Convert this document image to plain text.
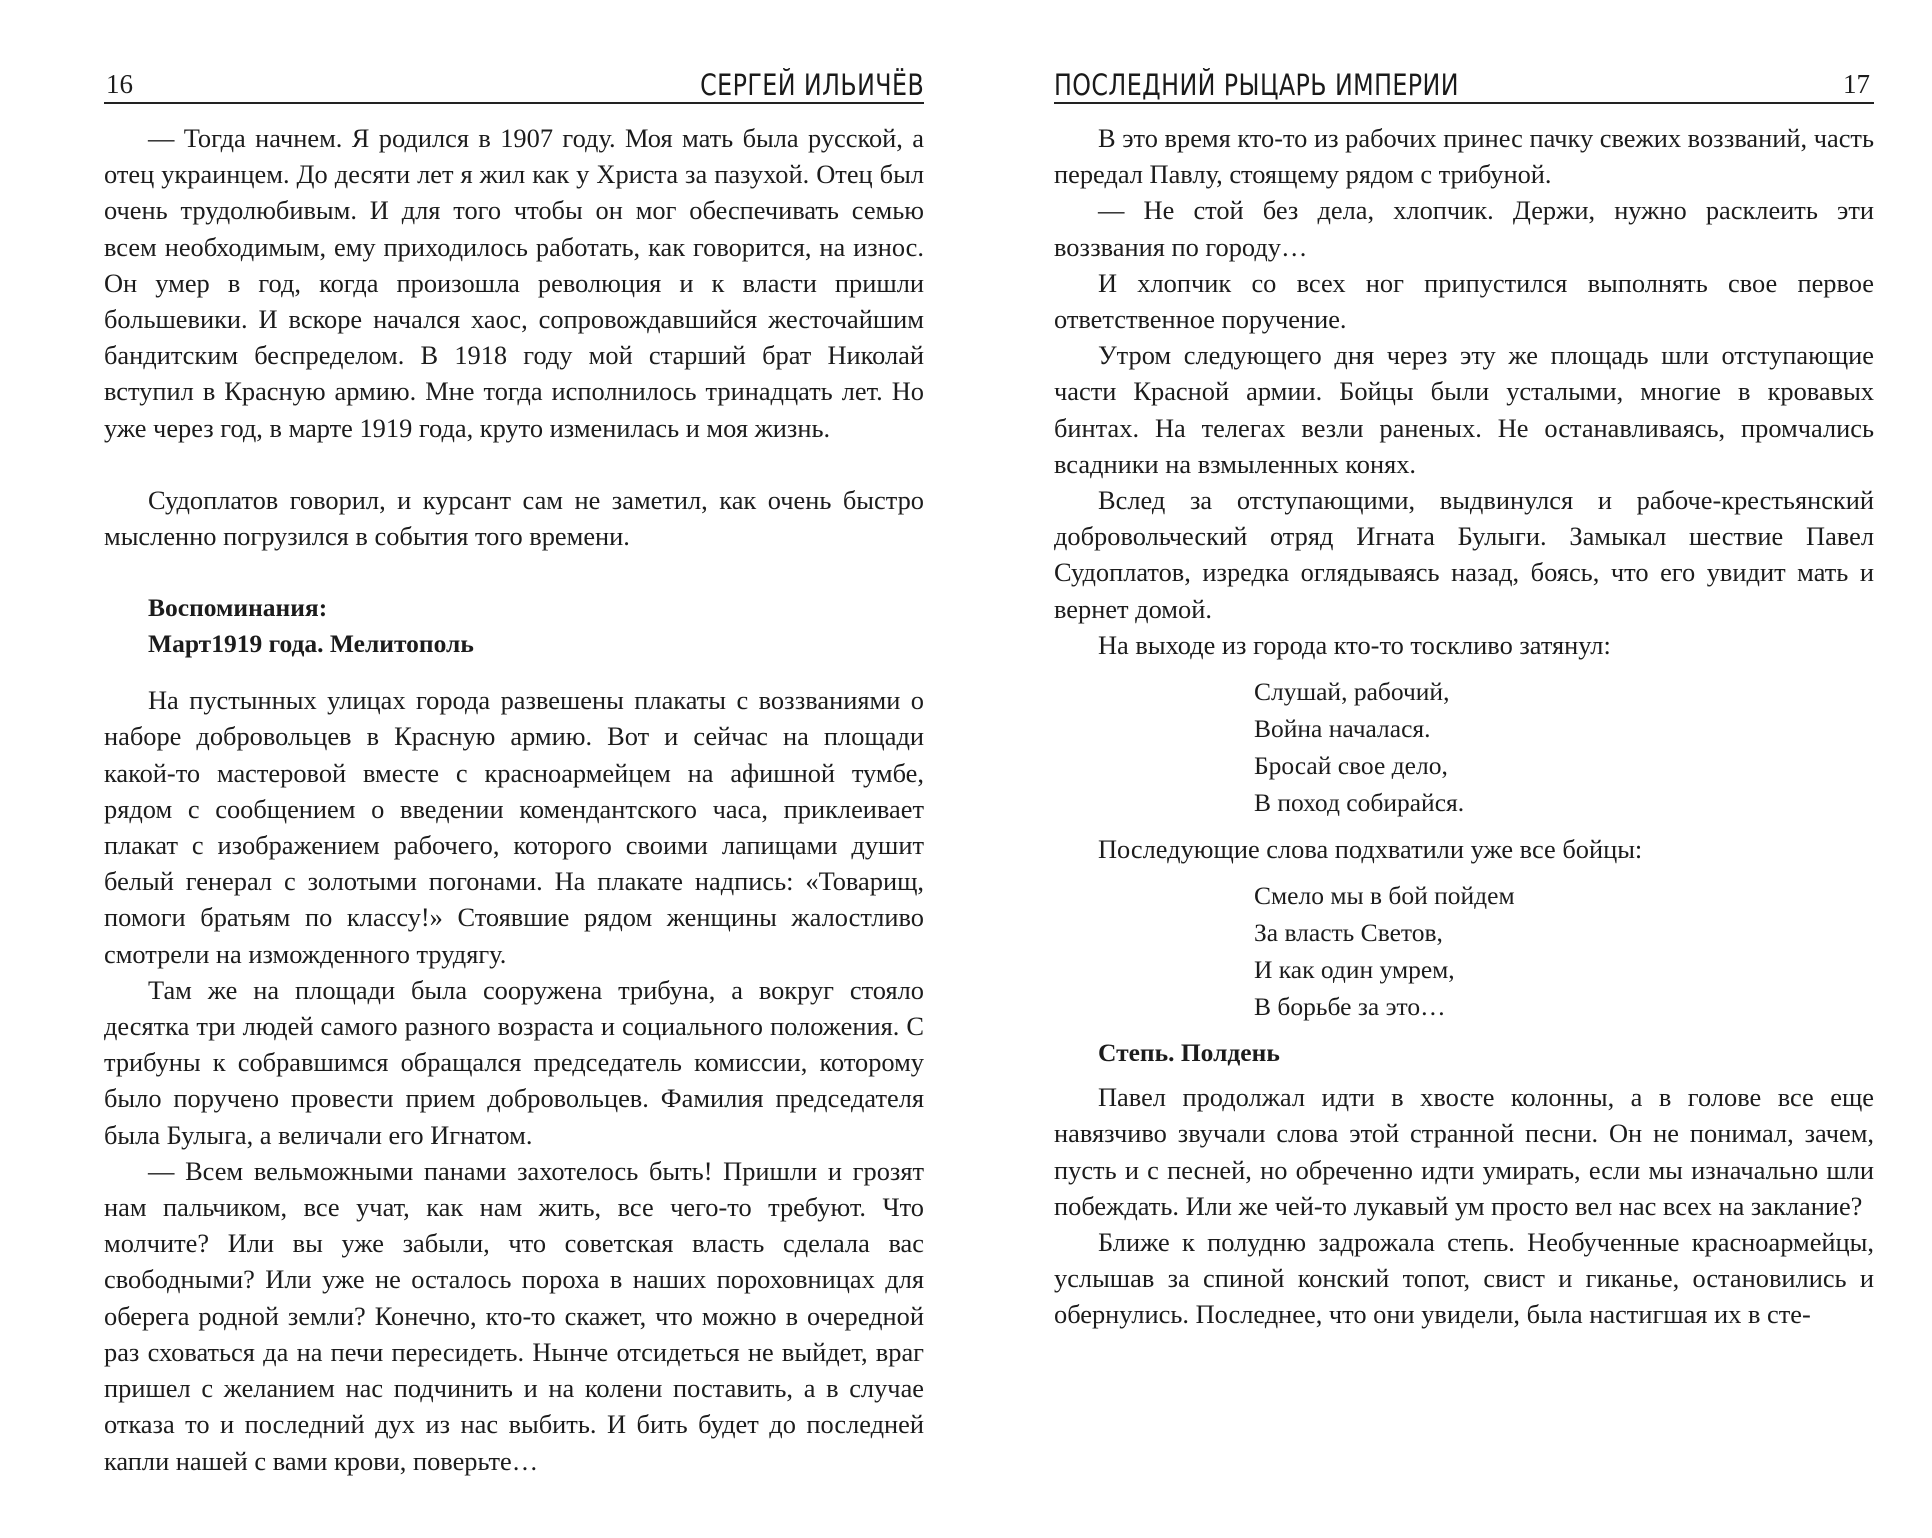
16	СЕРГЕЙ ИЛЬИЧЁВ

— Тогда начнем. Я родился в 1907 году. Моя мать была русской, а отец украинцем. До десяти лет я жил как у Христа за пазухой. Отец был очень трудолюбивым. И для того чтобы он мог обеспечивать семью всем необходимым, ему приходилось работать, как говорится, на износ. Он умер в год, когда произошла революция и к власти пришли большевики. И вскоре начался хаос, сопровождавшийся жесточайшим бандитским беспределом. В 1918 году мой старший брат Николай вступил в Красную армию. Мне тогда исполнилось тринадцать лет. Но уже через год, в марте 1919 года, круто изменилась и моя жизнь.

Судоплатов говорил, и курсант сам не заметил, как очень быстро мысленно погрузился в события того времени.

Воспоминания:
Март1919 года. Мелитополь

На пустынных улицах города развешены плакаты с воззваниями о наборе добровольцев в Красную армию. Вот и сейчас на площади какой-то мастеровой вместе с красноармейцем на афишной тумбе, рядом с сообщением о введении комендантского часа, приклеивает плакат с изображением рабочего, которого своими лапищами душит белый генерал с золотыми погонами. На плакате надпись: «Товарищ, помоги братьям по классу!» Стоявшие рядом женщины жалостливо смотрели на изможденного трудягу.

Там же на площади была сооружена трибуна, а вокруг стояло десятка три людей самого разного возраста и социального положения. С трибуны к собравшимся обращался председатель комиссии, которому было поручено провести прием добровольцев. Фамилия председателя была Булыга, а величали его Игнатом.

— Всем вельможными панами захотелось быть! Пришли и грозят нам пальчиком, все учат, как нам жить, все чего-то требуют. Что молчите? Или вы уже забыли, что советская власть сделала вас свободными? Или уже не осталось пороха в наших пороховницах для оберега родной земли? Конечно, кто-то скажет, что можно в очередной раз сховаться да на печи пересидеть. Нынче отсидеться не выйдет, враг пришел с желанием нас подчинить и на колени поставить, а в случае отказа то и последний дух из нас выбить. И бить будет до последней капли нашей с вами крови, поверьте…

ПОСЛЕДНИЙ РЫЦАРЬ ИМПЕРИИ	17

В это время кто-то из рабочих принес пачку свежих воззваний, часть передал Павлу, стоящему рядом с трибуной.

— Не стой без дела, хлопчик. Держи, нужно расклеить эти воззвания по городу…

И хлопчик со всех ног припустился выполнять свое первое ответственное поручение.

Утром следующего дня через эту же площадь шли отступающие части Красной армии. Бойцы были усталыми, многие в кровавых бинтах. На телегах везли раненых. Не останавливаясь, промчались всадники на взмыленных конях.

Вслед за отступающими, выдвинулся и рабоче-крестьянский добровольческий отряд Игната Булыги. Замыкал шествие Павел Судоплатов, изредка оглядываясь назад, боясь, что его увидит мать и вернет домой.

На выходе из города кто-то тоскливо затянул:

Слушай, рабочий,
Война началася.
Бросай свое дело,
В поход собирайся.

Последующие слова подхватили уже все бойцы:

Смело мы в бой пойдем
За власть Светов,
И как один умрем,
В борьбе за это…
Степь. Полдень

Павел продолжал идти в хвосте колонны, а в голове все еще навязчиво звучали слова этой странной песни. Он не понимал, зачем, пусть и с песней, но обреченно идти умирать, если мы изначально шли побеждать. Или же чей-то лукавый ум просто вел нас всех на заклание?

Ближе к полудню задрожала степь. Необученные красноармейцы, услышав за спиной конский топот, свист и гиканье, остановились и обернулись. Последнее, что они увидели, была настигшая их в сте-
